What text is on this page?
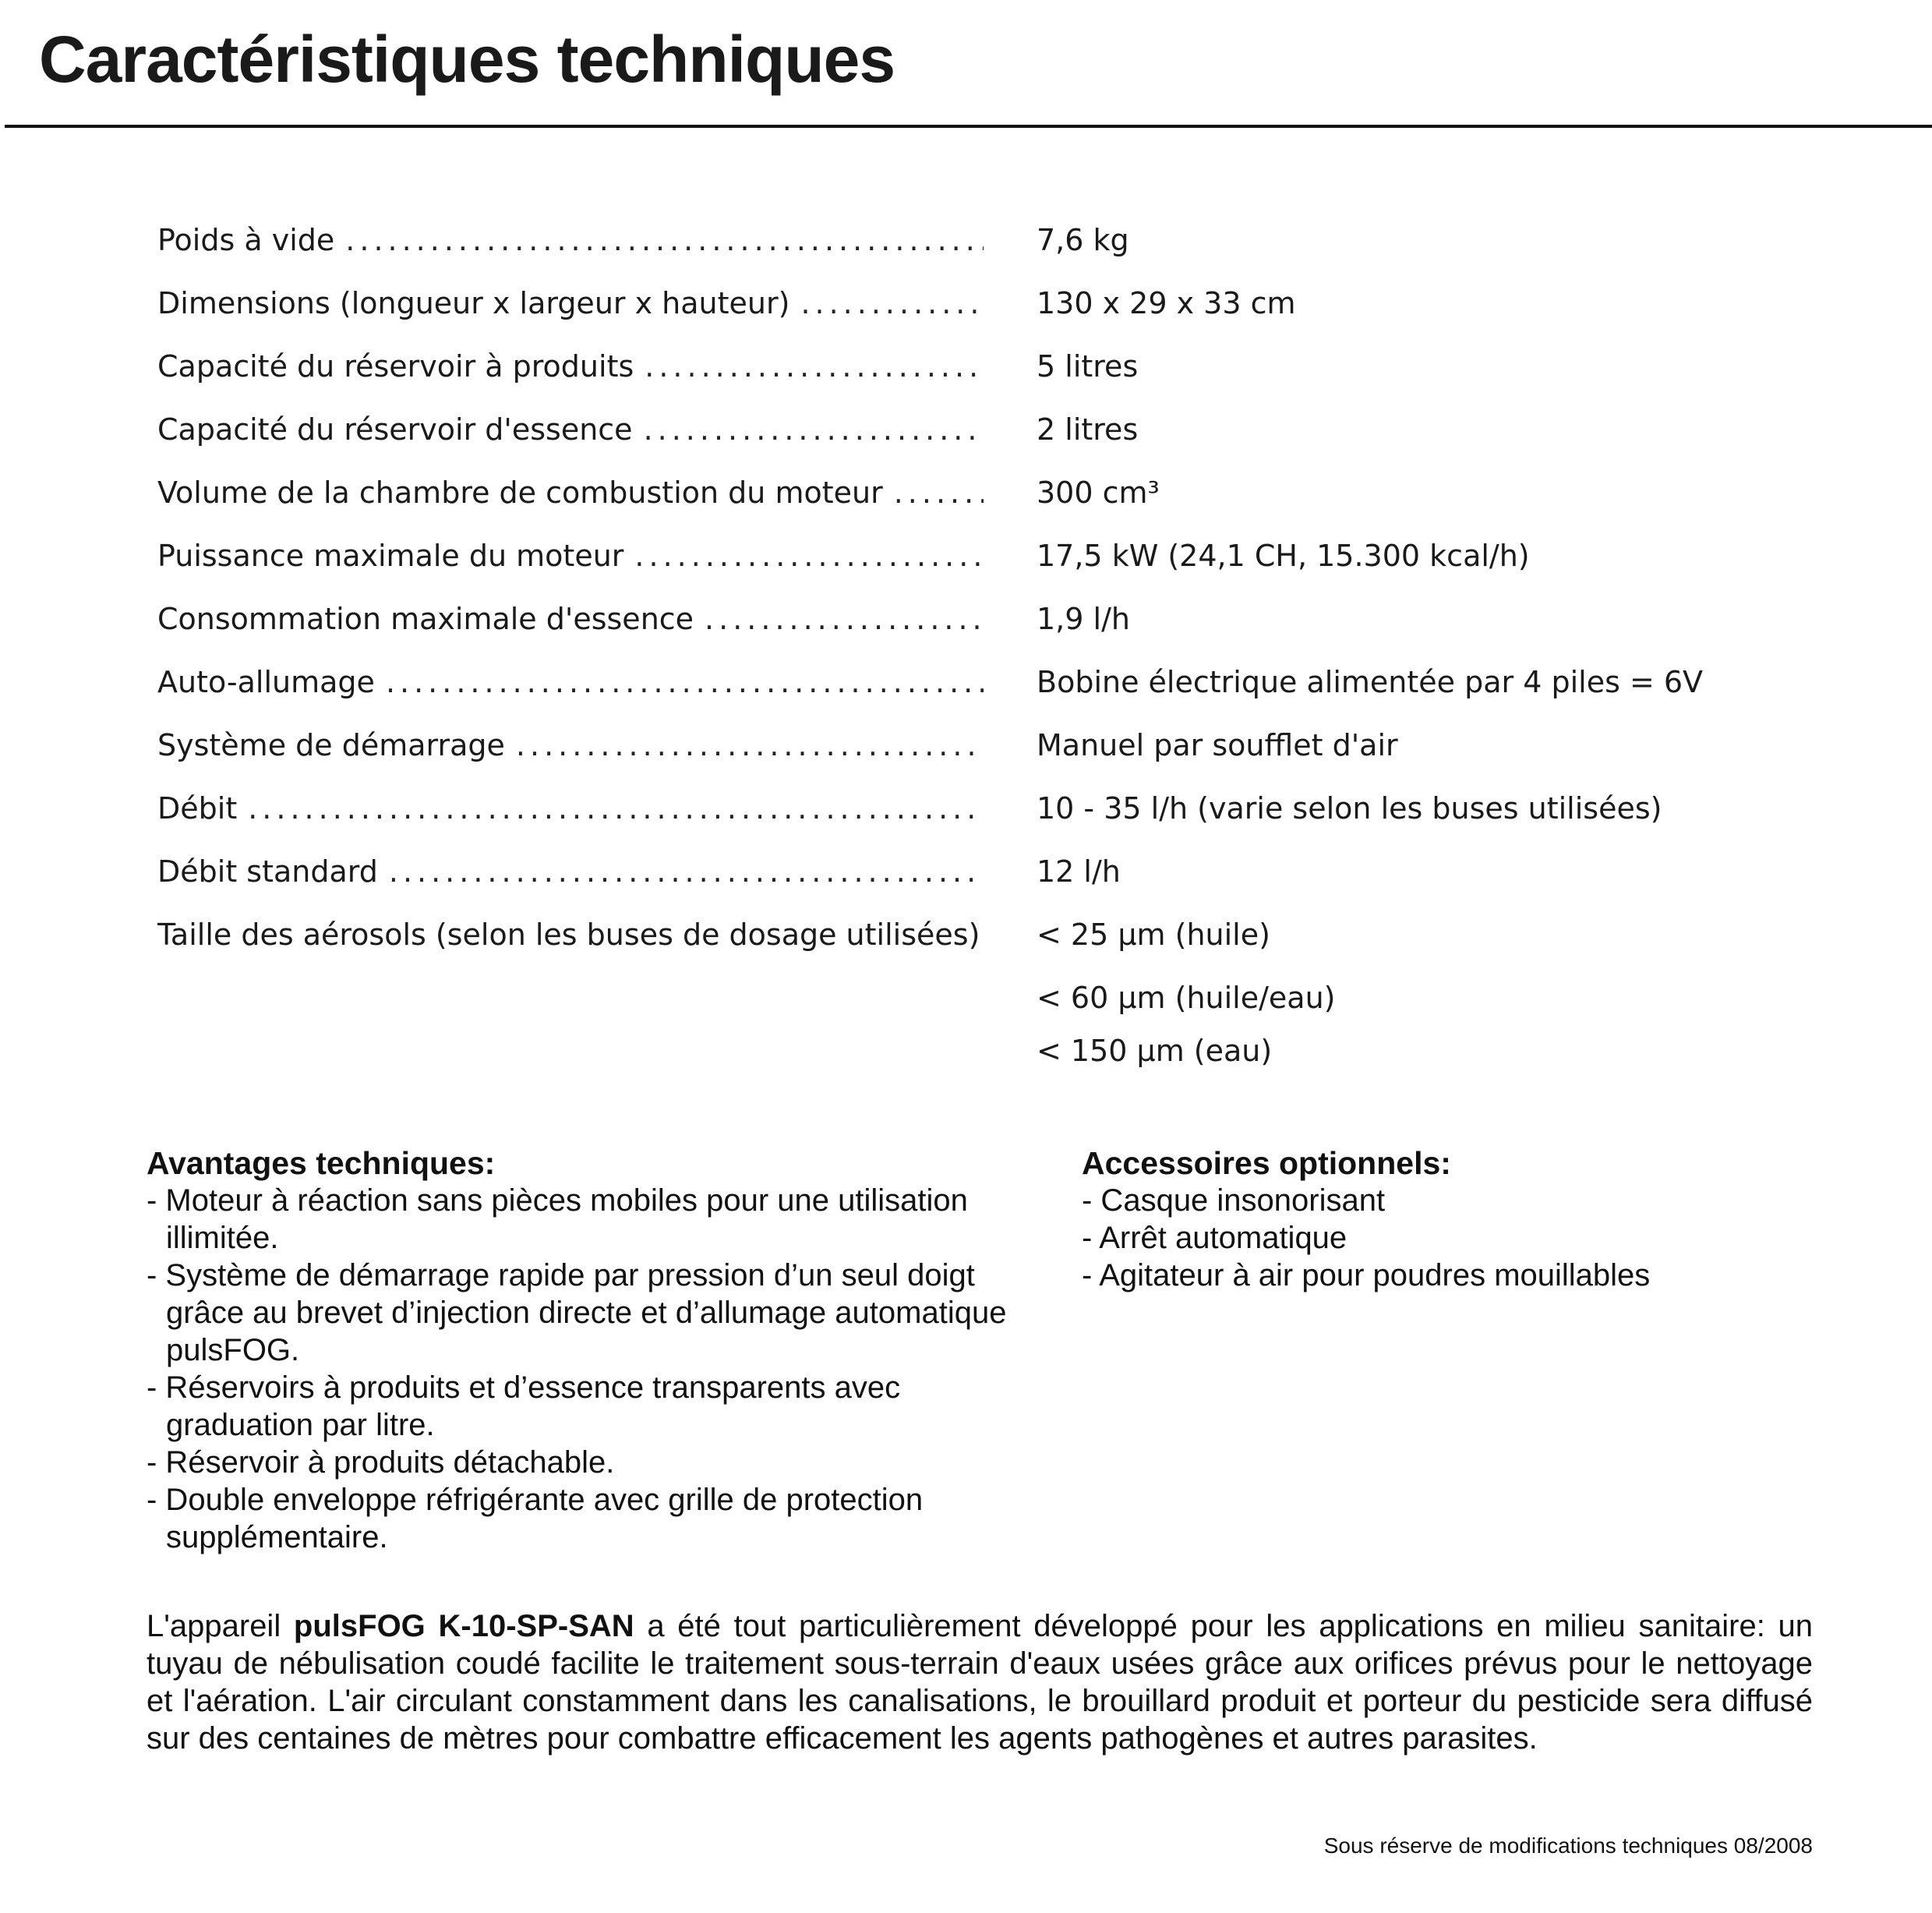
Caractéristiques techniques
Poids à vide .....	7,6 kg
Dimensions (longueur x largeur x hauteur) .....	130 x 29 x 33 cm
Capacité du réservoir à produits .....	5 litres
Capacité du réservoir d'essence .....	2 litres
Volume de la chambre de combustion du moteur .....	300 cm³
Puissance maximale du moteur .....	17,5 kW (24,1 CH, 15.300 kcal/h)
Consommation maximale d'essence .....	1,9 l/h
Auto-allumage .....	Bobine électrique alimentée par 4 piles = 6V
Système de démarrage .....	Manuel par soufflet d'air
Débit .....	10 - 35 l/h (varie selon les buses utilisées)
Débit standard .....	12 l/h
Taille des aérosols (selon les buses de dosage utilisées) < 25 µm (huile)
< 60 µm (huile/eau)
< 150 µm (eau)

Avantages techniques:

- Moteur à réaction sans pièces mobiles pour une utilisation illimitée.

- Système de démarrage rapide par pression d’un seul doigt grâce au brevet d’injection directe et d’allumage automatique pulsFOG.

- Réservoirs à produits et d’essence transparents avec graduation par litre.

- Réservoir à produits détachable.

- Double enveloppe réfrigérante avec grille de protection supplémentaire.

Accessoires optionnels:

- Casque insonorisant

- Arrêt automatique

- Agitateur à air pour poudres mouillables

L'appareil pulsFOG K-10-SP-SAN a été tout particulièrement développé pour les applications en milieu sanitaire: un tuyau de nébulisation coudé facilite le traitement sous-terrain d'eaux usées grâce aux orifices prévus pour le nettoyage et l'aération. L'air circulant constamment dans les canalisations, le brouillard produit et porteur du pesticide sera diffusé sur des centaines de mètres pour combattre efficacement les agents pathogènes et autres parasites.

Sous réserve de modifications techniques 08/2008
